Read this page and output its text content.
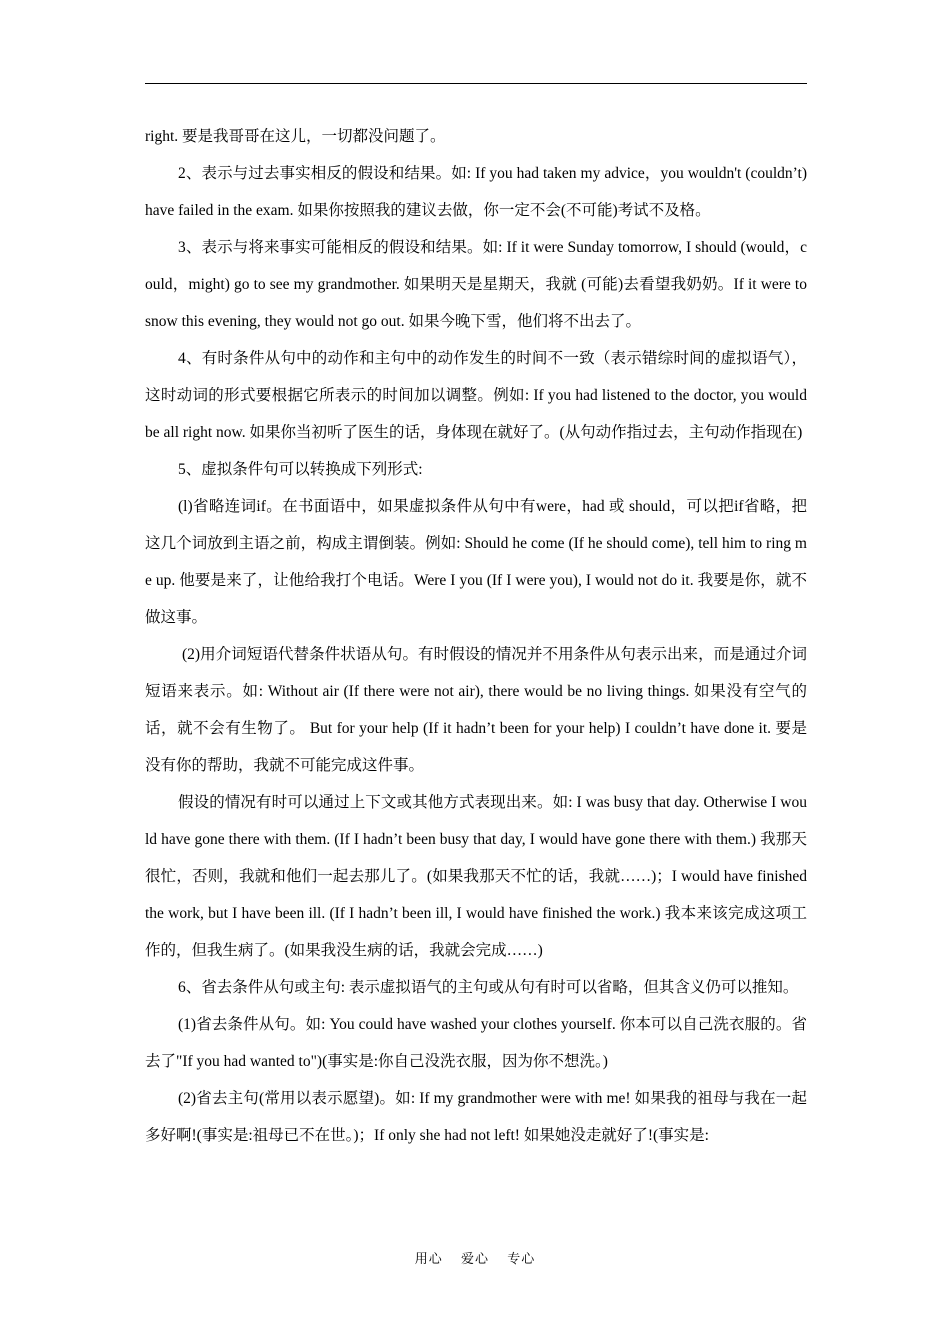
right. 要是我哥哥在这儿，一切都没问题了。

2、表示与过去事实相反的假设和结果。如: If you had taken my advice，you wouldn't (couldn’t) have failed in the exam. 如果你按照我的建议去做，你一定不会(不可能)考试不及格。

3、表示与将来事实可能相反的假设和结果。如: If it were Sunday tomorrow, I should (would，could，might) go to see my grandmother. 如果明天是星期天，我就 (可能)去看望我奶奶。If it were to snow this evening, they would not go out. 如果今晚下雪，他们将不出去了。

4、有时条件从句中的动作和主句中的动作发生的时间不一致（表示错综时间的虚拟语气），这时动词的形式要根据它所表示的时间加以调整。例如: If you had listened to the doctor, you would be all right now. 如果你当初听了医生的话，身体现在就好了。(从句动作指过去，主句动作指现在)

5、虚拟条件句可以转换成下列形式:

(l)省略连词if。在书面语中，如果虚拟条件从句中有were，had 或 should，可以把if省略，把这几个词放到主语之前，构成主谓倒装。例如: Should he come (If he should come), tell him to ring me up. 他要是来了，让他给我打个电话。Were I you (If I were you), I would not do it. 我要是你，就不做这事。

(2)用介词短语代替条件状语从句。有时假设的情况并不用条件从句表示出来，而是通过介词短语来表示。如: Without air (If there were not air), there would be no living things. 如果没有空气的话，就不会有生物了。 But for your help (If it hadn’t been for your help) I couldn’t have done it. 要是没有你的帮助，我就不可能完成这件事。

假设的情况有时可以通过上下文或其他方式表现出来。如: I was busy that day. Otherwise I would have gone there with them. (If I hadn’t been busy that day, I would have gone there with them.) 我那天很忙，否则，我就和他们一起去那儿了。(如果我那天不忙的话，我就……)；I would have finished the work, but I have been ill. (If I hadn’t been ill, I would have finished the work.) 我本来该完成这项工作的，但我生病了。(如果我没生病的话，我就会完成……)

6、省去条件从句或主句: 表示虚拟语气的主句或从句有时可以省略，但其含义仍可以推知。

(1)省去条件从句。如: You could have washed your clothes yourself. 你本可以自己洗衣服的。省去了"If you had wanted to")(事实是:你自己没洗衣服，因为你不想洗。)

(2)省去主句(常用以表示愿望)。如: If my grandmother were with me! 如果我的祖母与我在一起多好啊!(事实是:祖母已不在世。)；If only she had not left! 如果她没走就好了!(事实是:

用心 爱心 专心
